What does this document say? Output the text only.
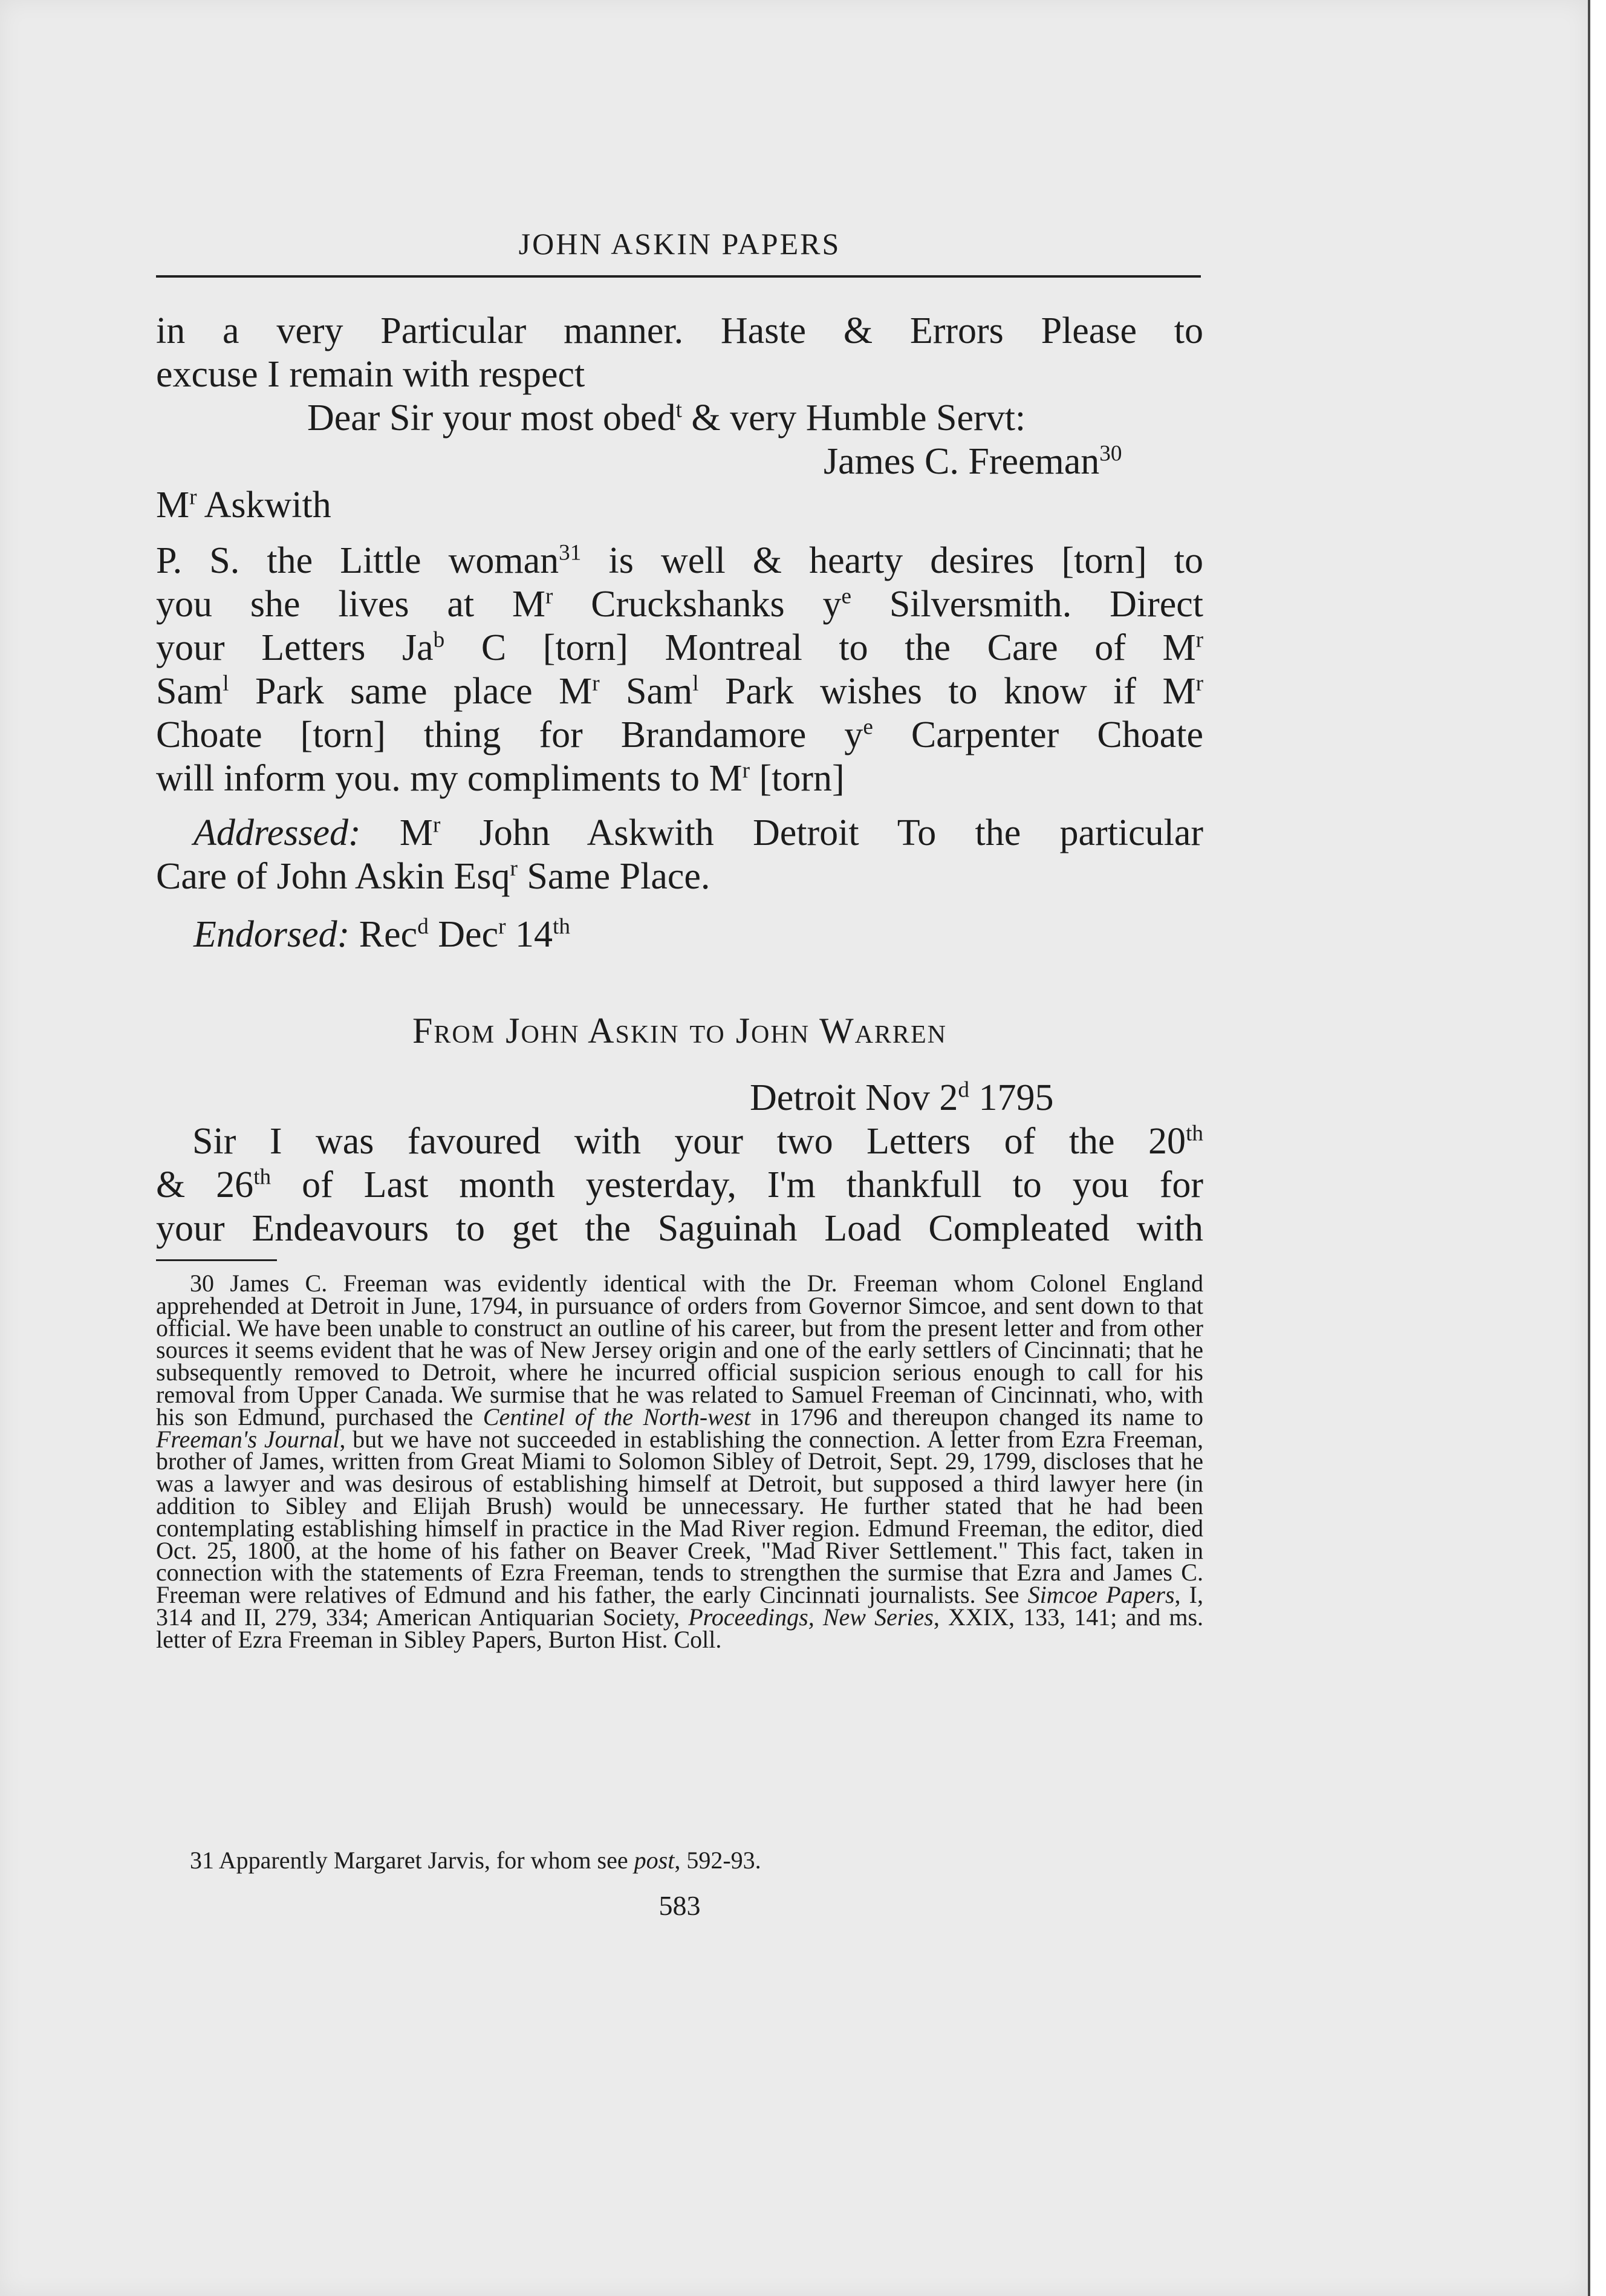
JOHN ASKIN PAPERS
in a very Particular manner. Haste & Errors Please to
excuse I remain with respect
Dear Sir your most obed$^t$ & very Humble Servt:
James C. Freeman$^{30}$
$M^r$ Askwith
P. S. the Little woman$^{31}$ is well & hearty desires [torn] to
you she lives at $M^r$ Cruckshanks $y^e$ Silversmith. Direct
your Letters Ja$^b$ C [torn] Montreal to the Care of $M^r$
Sam$^l$ Park same place $M^r$ Sam$^l$ Park wishes to know if $M^r$
Choate [torn] thing for Brandamore $y^e$ Carpenter Choate
will inform you. my compliments to $M^r$ [torn]
Addressed: $M^r$ John Askwith Detroit To the particular
Care of John Askin Esq$^r$ Same Place.
Endorsed: Rec$^d$ Dec$^r$ 14th
From John Askin to John Warren
Detroit Nov 2$^d$ 1795
Sir I was favoured with your two Letters of the 20th
& 26th of Last month yesterday, I'm thankfull to you for
your Endeavours to get the Saguinah Load Compleated with

30 James C. Freeman was evidently identical with the Dr. Freeman whom Colonel England apprehended at Detroit in June, 1794, in pursuance of orders from Governor Simcoe, and sent down to that official. We have been unable to construct an outline of his career, but from the present letter and from other sources it seems evident that he was of New Jersey origin and one of the early settlers of Cincinnati; that he subsequently removed to Detroit, where he incurred official suspicion serious enough to call for his removal from Upper Canada. We surmise that he was related to Samuel Freeman of Cincinnati, who, with his son Edmund, purchased the Centinel of the North-west in 1796 and thereupon changed its name to Freeman's Journal, but we have not succeeded in establishing the connection. A letter from Ezra Freeman, brother of James, written from Great Miami to Solomon Sibley of Detroit, Sept. 29, 1799, discloses that he was a lawyer and was desirous of establishing himself at Detroit, but supposed a third lawyer here (in addition to Sibley and Elijah Brush) would be unnecessary. He further stated that he had been contemplating establishing himself in practice in the Mad River region. Edmund Freeman, the editor, died Oct. 25, 1800, at the home of his father on Beaver Creek, "Mad River Settlement." This fact, taken in connection with the statements of Ezra Freeman, tends to strengthen the surmise that Ezra and James C. Freeman were relatives of Edmund and his father, the early Cincinnati journalists. See Simcoe Papers, I, 314 and II, 279, 334; American Antiquarian Society, Proceedings, New Series, XXIX, 133, 141; and ms. letter of Ezra Freeman in Sibley Papers, Burton Hist. Coll.

31 Apparently Margaret Jarvis, for whom see post, 592-93.

583
